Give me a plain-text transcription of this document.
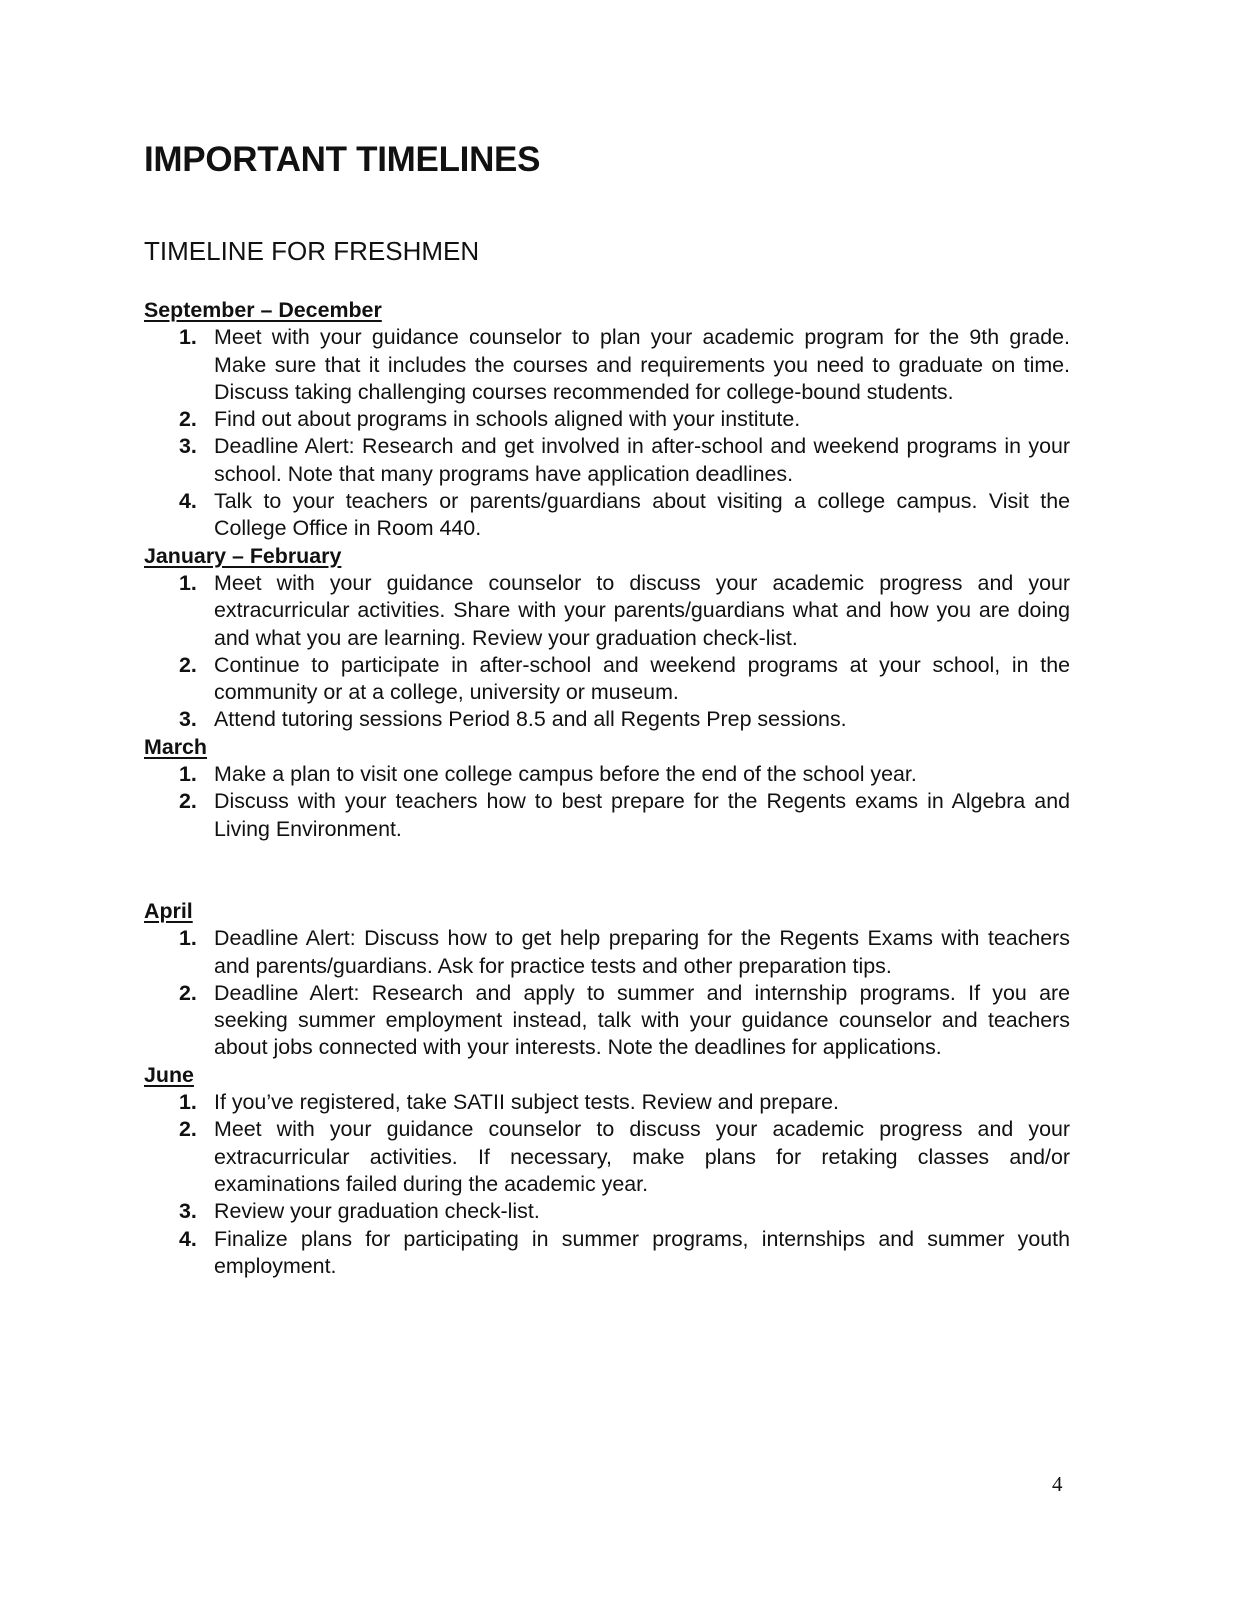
IMPORTANT TIMELINES
TIMELINE FOR FRESHMEN
September – December
1. Meet with your guidance counselor to plan your academic program for the 9th grade. Make sure that it includes the courses and requirements you need to graduate on time. Discuss taking challenging courses recommended for college-bound students.
2. Find out about programs in schools aligned with your institute.
3. Deadline Alert: Research and get involved in after-school and weekend programs in your school. Note that many programs have application deadlines.
4. Talk to your teachers or parents/guardians about visiting a college campus. Visit the College Office in Room 440.
January – February
1. Meet with your guidance counselor to discuss your academic progress and your extracurricular activities. Share with your parents/guardians what and how you are doing and what you are learning. Review your graduation check-list.
2. Continue to participate in after-school and weekend programs at your school, in the community or at a college, university or museum.
3. Attend tutoring sessions Period 8.5 and all Regents Prep sessions.
March
1. Make a plan to visit one college campus before the end of the school year.
2. Discuss with your teachers how to best prepare for the Regents exams in Algebra and Living Environment.
April
1. Deadline Alert: Discuss how to get help preparing for the Regents Exams with teachers and parents/guardians. Ask for practice tests and other preparation tips.
2. Deadline Alert: Research and apply to summer and internship programs. If you are seeking summer employment instead, talk with your guidance counselor and teachers about jobs connected with your interests. Note the deadlines for applications.
June
1. If you’ve registered, take SATII subject tests. Review and prepare.
2. Meet with your guidance counselor to discuss your academic progress and your extracurricular activities. If necessary, make plans for retaking classes and/or examinations failed during the academic year.
3. Review your graduation check-list.
4. Finalize plans for participating in summer programs, internships and summer youth employment.
4
